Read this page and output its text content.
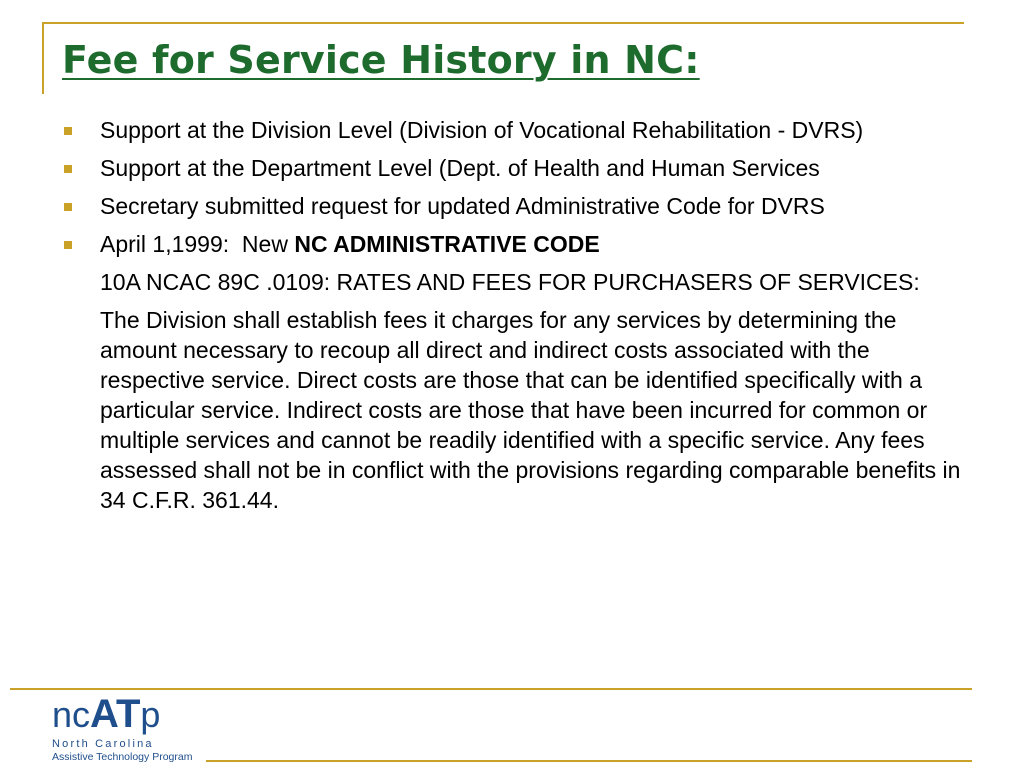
Fee for Service History in NC:
Support at the Division Level (Division of Vocational Rehabilitation - DVRS)
Support at the Department Level (Dept. of Health and Human Services
Secretary submitted request for updated Administrative Code for DVRS
April 1,1999:  New NC ADMINISTRATIVE CODE
10A NCAC 89C .0109: RATES AND FEES FOR PURCHASERS OF SERVICES:
The Division shall establish fees it charges for any services by determining the amount necessary to recoup all direct and indirect costs associated with the respective service. Direct costs are those that can be identified specifically with a particular service. Indirect costs are those that have been incurred for common or multiple services and cannot be readily identified with a specific service. Any fees assessed shall not be in conflict with the provisions regarding comparable benefits in 34 C.F.R. 361.44.
ncATp
North Carolina
Assistive Technology Program
